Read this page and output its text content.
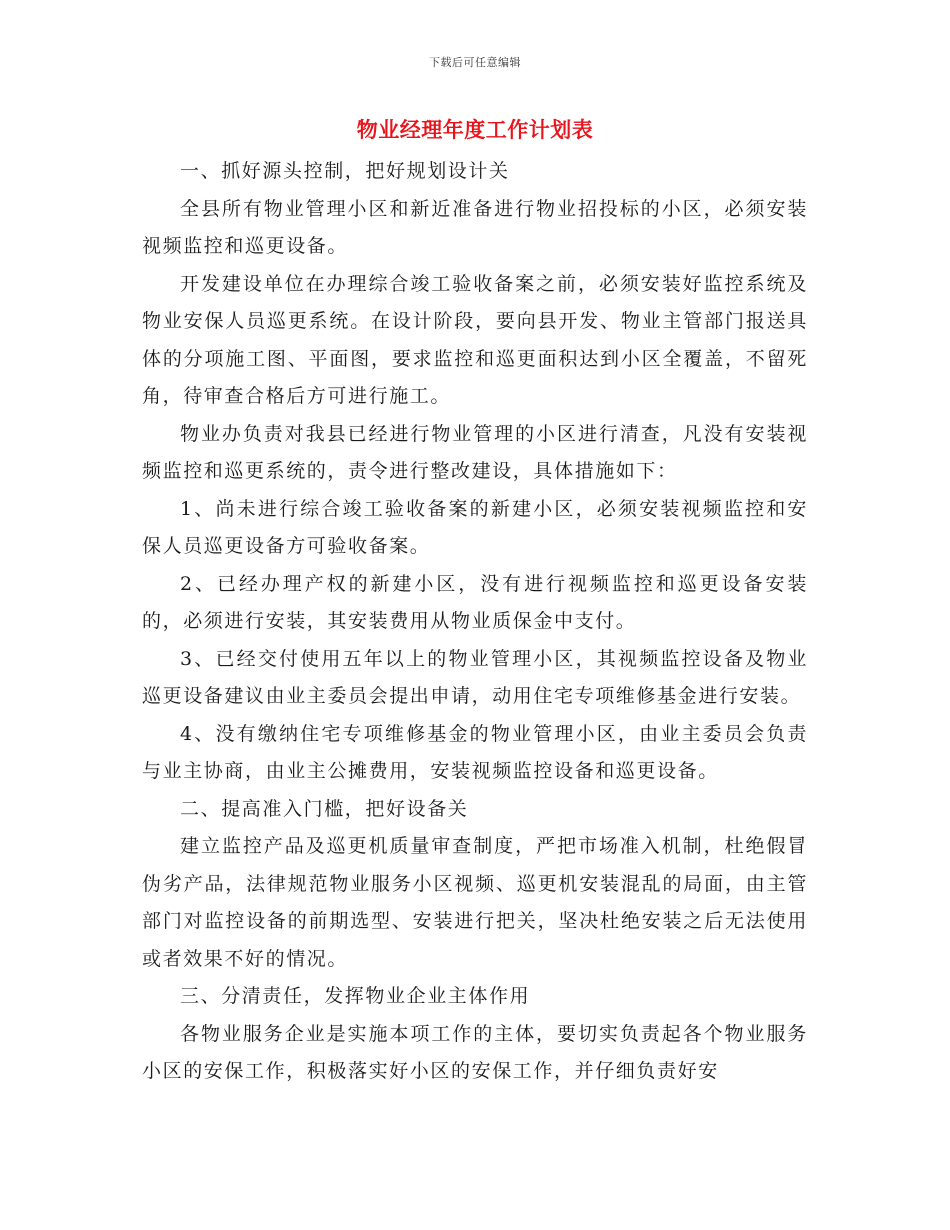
下载后可任意编辑
物业经理年度工作计划表

一、抓好源头控制，把好规划设计关

全县所有物业管理小区和新近准备进行物业招投标的小区，必须安装视频监控和巡更设备。

开发建设单位在办理综合竣工验收备案之前，必须安装好监控系统及物业安保人员巡更系统。在设计阶段，要向县开发、物业主管部门报送具体的分项施工图、平面图，要求监控和巡更面积达到小区全覆盖，不留死角，待审查合格后方可进行施工。

物业办负责对我县已经进行物业管理的小区进行清查，凡没有安装视频监控和巡更系统的，责令进行整改建设，具体措施如下：

1、尚未进行综合竣工验收备案的新建小区，必须安装视频监控和安保人员巡更设备方可验收备案。

2、已经办理产权的新建小区，没有进行视频监控和巡更设备安装的，必须进行安装，其安装费用从物业质保金中支付。

3、已经交付使用五年以上的物业管理小区，其视频监控设备及物业巡更设备建议由业主委员会提出申请，动用住宅专项维修基金进行安装。

4、没有缴纳住宅专项维修基金的物业管理小区，由业主委员会负责与业主协商，由业主公摊费用，安装视频监控设备和巡更设备。

二、提高准入门槛，把好设备关

建立监控产品及巡更机质量审查制度，严把市场准入机制，杜绝假冒伪劣产品，法律规范物业服务小区视频、巡更机安装混乱的局面，由主管部门对监控设备的前期选型、安装进行把关，坚决杜绝安装之后无法使用或者效果不好的情况。

三、分清责任，发挥物业企业主体作用

各物业服务企业是实施本项工作的主体，要切实负责起各个物业服务小区的安保工作，积极落实好小区的安保工作，并仔细负责好安
